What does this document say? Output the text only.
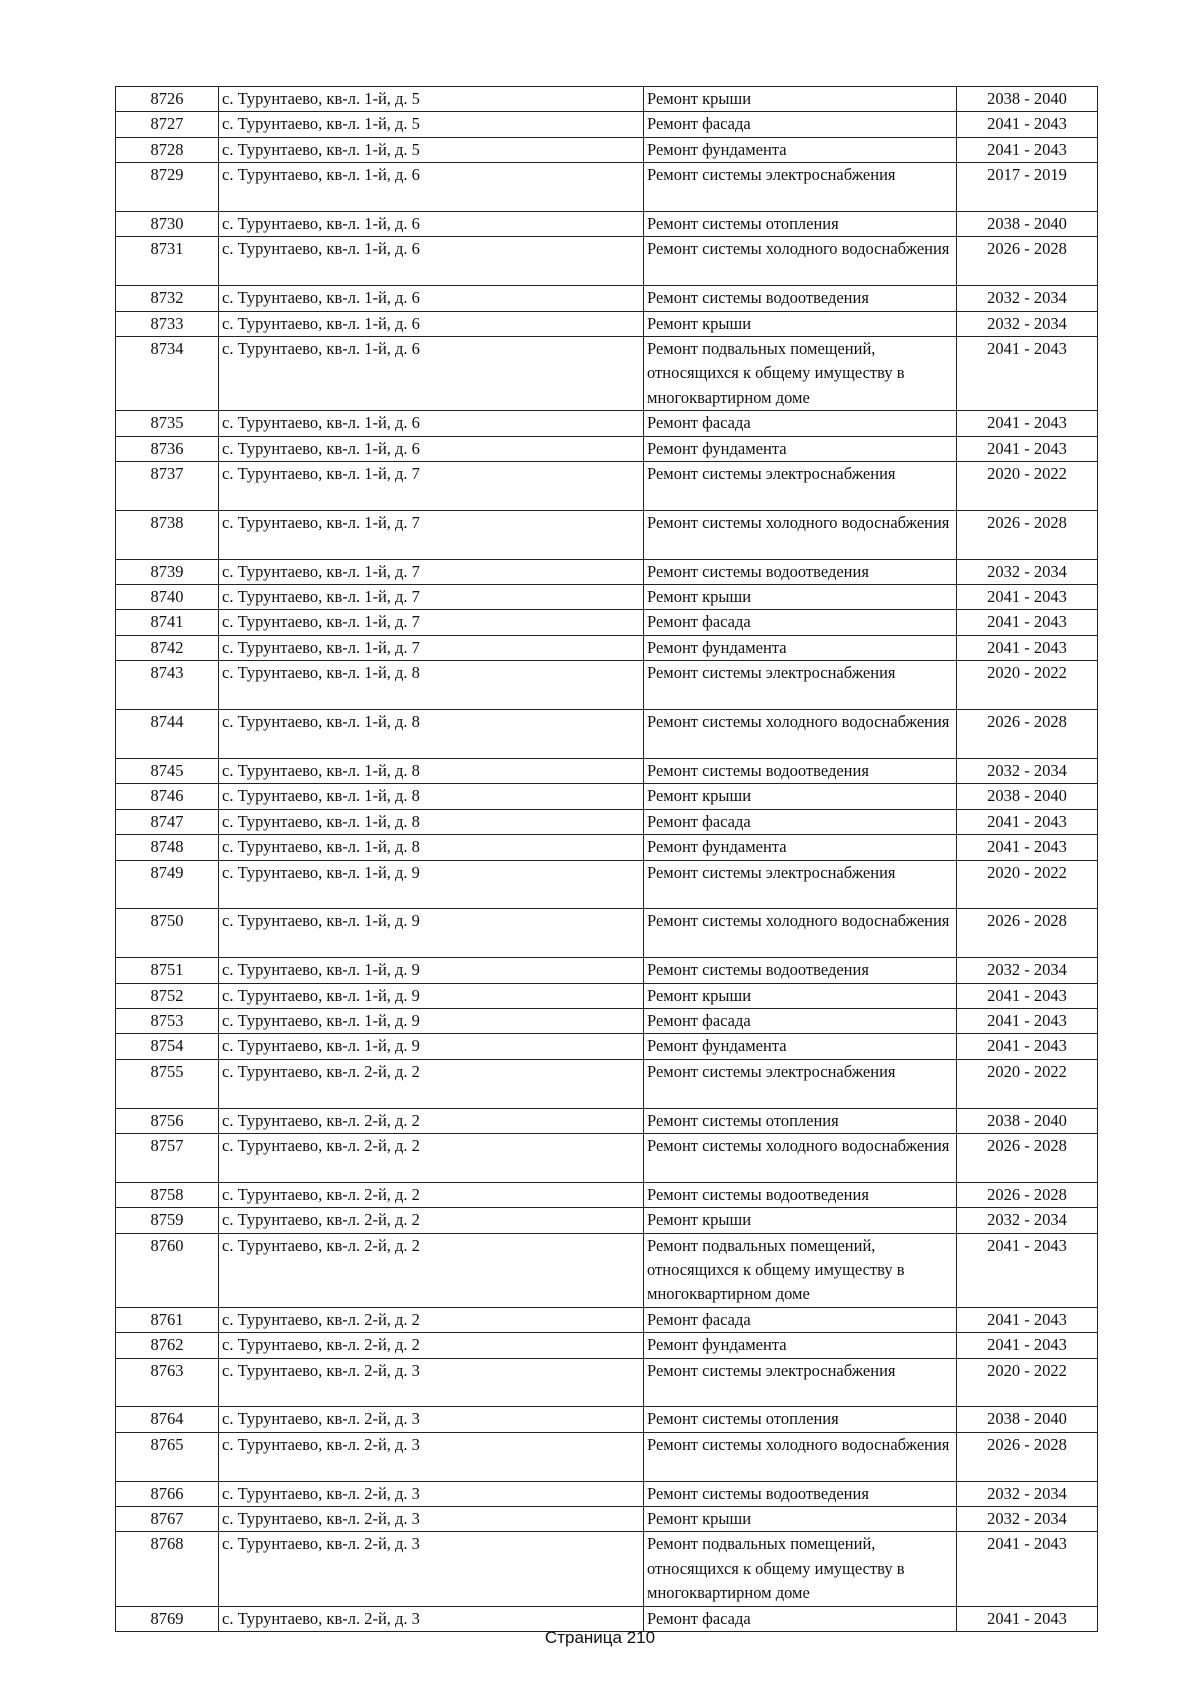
8726	с. Турунтаево, кв-л. 1-й, д. 5	Ремонт крыши	2038 - 2040
8727	с. Турунтаево, кв-л. 1-й, д. 5	Ремонт фасада	2041 - 2043
8728	с. Турунтаево, кв-л. 1-й, д. 5	Ремонт фундамента	2041 - 2043
8729	с. Турунтаево, кв-л. 1-й, д. 6	Ремонт системы электроснабжения	2017 - 2019
8730	с. Турунтаево, кв-л. 1-й, д. 6	Ремонт системы отопления	2038 - 2040
8731	с. Турунтаево, кв-л. 1-й, д. 6	Ремонт системы холодного водоснабжения	2026 - 2028
8732	с. Турунтаево, кв-л. 1-й, д. 6	Ремонт системы водоотведения	2032 - 2034
8733	с. Турунтаево, кв-л. 1-й, д. 6	Ремонт крыши	2032 - 2034
8734	с. Турунтаево, кв-л. 1-й, д. 6	Ремонт подвальных помещений, относящихся к общему имуществу в многоквартирном доме	2041 - 2043
8735	с. Турунтаево, кв-л. 1-й, д. 6	Ремонт фасада	2041 - 2043
8736	с. Турунтаево, кв-л. 1-й, д. 6	Ремонт фундамента	2041 - 2043
8737	с. Турунтаево, кв-л. 1-й, д. 7	Ремонт системы электроснабжения	2020 - 2022
8738	с. Турунтаево, кв-л. 1-й, д. 7	Ремонт системы холодного водоснабжения	2026 - 2028
8739	с. Турунтаево, кв-л. 1-й, д. 7	Ремонт системы водоотведения	2032 - 2034
8740	с. Турунтаево, кв-л. 1-й, д. 7	Ремонт крыши	2041 - 2043
8741	с. Турунтаево, кв-л. 1-й, д. 7	Ремонт фасада	2041 - 2043
8742	с. Турунтаево, кв-л. 1-й, д. 7	Ремонт фундамента	2041 - 2043
8743	с. Турунтаево, кв-л. 1-й, д. 8	Ремонт системы электроснабжения	2020 - 2022
8744	с. Турунтаево, кв-л. 1-й, д. 8	Ремонт системы холодного водоснабжения	2026 - 2028
8745	с. Турунтаево, кв-л. 1-й, д. 8	Ремонт системы водоотведения	2032 - 2034
8746	с. Турунтаево, кв-л. 1-й, д. 8	Ремонт крыши	2038 - 2040
8747	с. Турунтаево, кв-л. 1-й, д. 8	Ремонт фасада	2041 - 2043
8748	с. Турунтаево, кв-л. 1-й, д. 8	Ремонт фундамента	2041 - 2043
8749	с. Турунтаево, кв-л. 1-й, д. 9	Ремонт системы электроснабжения	2020 - 2022
8750	с. Турунтаево, кв-л. 1-й, д. 9	Ремонт системы холодного водоснабжения	2026 - 2028
8751	с. Турунтаево, кв-л. 1-й, д. 9	Ремонт системы водоотведения	2032 - 2034
8752	с. Турунтаево, кв-л. 1-й, д. 9	Ремонт крыши	2041 - 2043
8753	с. Турунтаево, кв-л. 1-й, д. 9	Ремонт фасада	2041 - 2043
8754	с. Турунтаево, кв-л. 1-й, д. 9	Ремонт фундамента	2041 - 2043
8755	с. Турунтаево, кв-л. 2-й, д. 2	Ремонт системы электроснабжения	2020 - 2022
8756	с. Турунтаево, кв-л. 2-й, д. 2	Ремонт системы отопления	2038 - 2040
8757	с. Турунтаево, кв-л. 2-й, д. 2	Ремонт системы холодного водоснабжения	2026 - 2028
8758	с. Турунтаево, кв-л. 2-й, д. 2	Ремонт системы водоотведения	2026 - 2028
8759	с. Турунтаево, кв-л. 2-й, д. 2	Ремонт крыши	2032 - 2034
8760	с. Турунтаево, кв-л. 2-й, д. 2	Ремонт подвальных помещений, относящихся к общему имуществу в многоквартирном доме	2041 - 2043
8761	с. Турунтаево, кв-л. 2-й, д. 2	Ремонт фасада	2041 - 2043
8762	с. Турунтаево, кв-л. 2-й, д. 2	Ремонт фундамента	2041 - 2043
8763	с. Турунтаево, кв-л. 2-й, д. 3	Ремонт системы электроснабжения	2020 - 2022
8764	с. Турунтаево, кв-л. 2-й, д. 3	Ремонт системы отопления	2038 - 2040
8765	с. Турунтаево, кв-л. 2-й, д. 3	Ремонт системы холодного водоснабжения	2026 - 2028
8766	с. Турунтаево, кв-л. 2-й, д. 3	Ремонт системы водоотведения	2032 - 2034
8767	с. Турунтаево, кв-л. 2-й, д. 3	Ремонт крыши	2032 - 2034
8768	с. Турунтаево, кв-л. 2-й, д. 3	Ремонт подвальных помещений, относящихся к общему имуществу в многоквартирном доме	2041 - 2043
8769	с. Турунтаево, кв-л. 2-й, д. 3	Ремонт фасада	2041 - 2043
Страница 210
